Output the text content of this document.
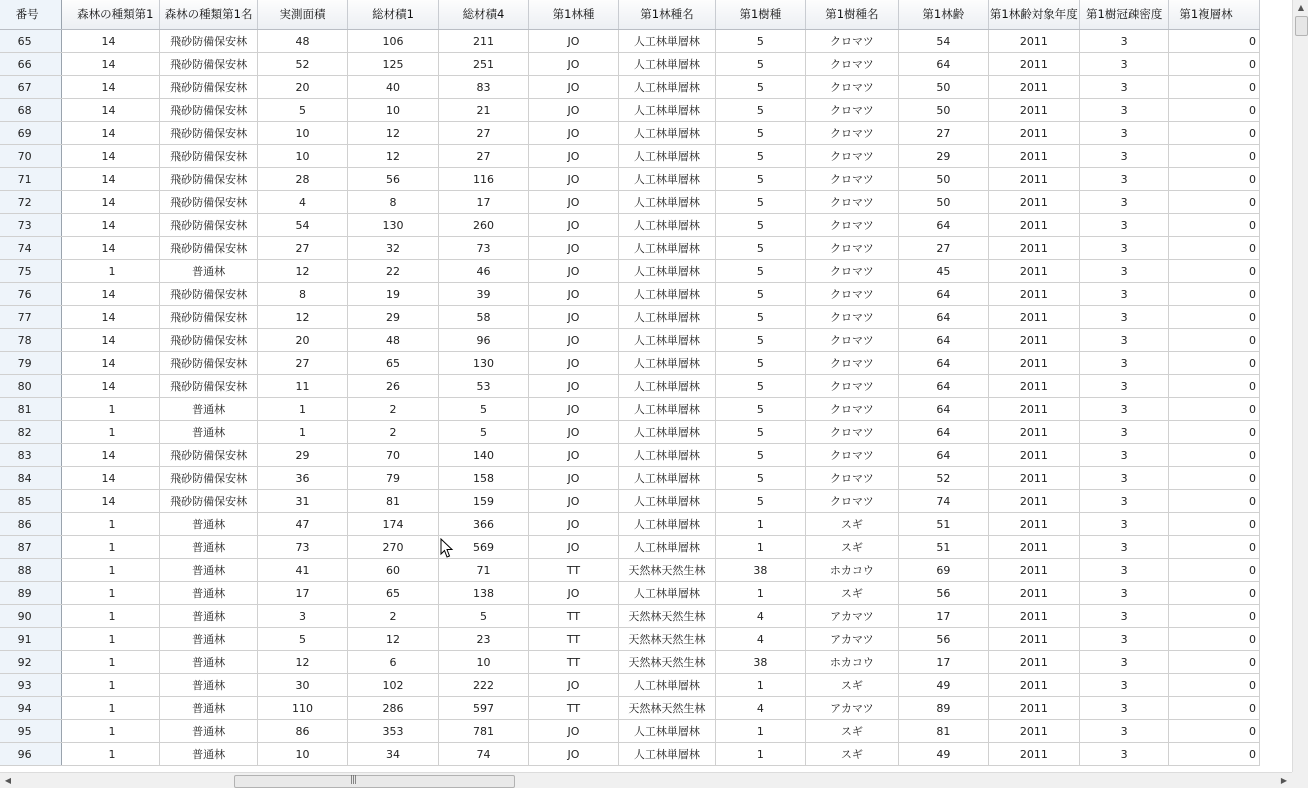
番号	森林の種類第1	森林の種類第1名	実測面積	総材積1	総材積4	第1林種	第1林種名	第1樹種	第1樹種名	第1林齢	第1林齢対象年度	第1樹冠疎密度	第1複層林
65	14	飛砂防備保安林	48	106	211	JO	人工林単層林	5	クロマツ	54	2011	3	0
66	14	飛砂防備保安林	52	125	251	JO	人工林単層林	5	クロマツ	64	2011	3	0
67	14	飛砂防備保安林	20	40	83	JO	人工林単層林	5	クロマツ	50	2011	3	0
68	14	飛砂防備保安林	5	10	21	JO	人工林単層林	5	クロマツ	50	2011	3	0
69	14	飛砂防備保安林	10	12	27	JO	人工林単層林	5	クロマツ	27	2011	3	0
70	14	飛砂防備保安林	10	12	27	JO	人工林単層林	5	クロマツ	29	2011	3	0
71	14	飛砂防備保安林	28	56	116	JO	人工林単層林	5	クロマツ	50	2011	3	0
72	14	飛砂防備保安林	4	8	17	JO	人工林単層林	5	クロマツ	50	2011	3	0
73	14	飛砂防備保安林	54	130	260	JO	人工林単層林	5	クロマツ	64	2011	3	0
74	14	飛砂防備保安林	27	32	73	JO	人工林単層林	5	クロマツ	27	2011	3	0
75	1	普通林	12	22	46	JO	人工林単層林	5	クロマツ	45	2011	3	0
76	14	飛砂防備保安林	8	19	39	JO	人工林単層林	5	クロマツ	64	2011	3	0
77	14	飛砂防備保安林	12	29	58	JO	人工林単層林	5	クロマツ	64	2011	3	0
78	14	飛砂防備保安林	20	48	96	JO	人工林単層林	5	クロマツ	64	2011	3	0
79	14	飛砂防備保安林	27	65	130	JO	人工林単層林	5	クロマツ	64	2011	3	0
80	14	飛砂防備保安林	11	26	53	JO	人工林単層林	5	クロマツ	64	2011	3	0
81	1	普通林	1	2	5	JO	人工林単層林	5	クロマツ	64	2011	3	0
82	1	普通林	1	2	5	JO	人工林単層林	5	クロマツ	64	2011	3	0
83	14	飛砂防備保安林	29	70	140	JO	人工林単層林	5	クロマツ	64	2011	3	0
84	14	飛砂防備保安林	36	79	158	JO	人工林単層林	5	クロマツ	52	2011	3	0
85	14	飛砂防備保安林	31	81	159	JO	人工林単層林	5	クロマツ	74	2011	3	0
86	1	普通林	47	174	366	JO	人工林単層林	1	スギ	51	2011	3	0
87	1	普通林	73	270	569	JO	人工林単層林	1	スギ	51	2011	3	0
88	1	普通林	41	60	71	TT	天然林天然生林	38	ホカコウ	69	2011	3	0
89	1	普通林	17	65	138	JO	人工林単層林	1	スギ	56	2011	3	0
90	1	普通林	3	2	5	TT	天然林天然生林	4	アカマツ	17	2011	3	0
91	1	普通林	5	12	23	TT	天然林天然生林	4	アカマツ	56	2011	3	0
92	1	普通林	12	6	10	TT	天然林天然生林	38	ホカコウ	17	2011	3	0
93	1	普通林	30	102	222	JO	人工林単層林	1	スギ	49	2011	3	0
94	1	普通林	110	286	597	TT	天然林天然生林	4	アカマツ	89	2011	3	0
95	1	普通林	86	353	781	JO	人工林単層林	1	スギ	81	2011	3	0
96	1	普通林	10	34	74	JO	人工林単層林	1	スギ	49	2011	3	0
▲
◀	|||	▶
